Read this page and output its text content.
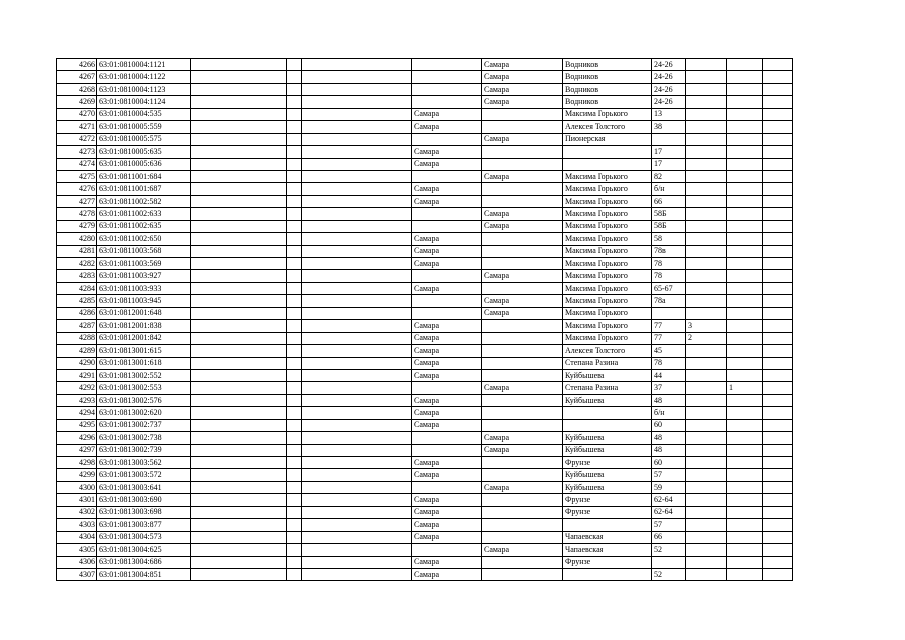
4266	63:01:0810004:1121					Самара	Водников	24-26			
4267	63:01:0810004:1122					Самара	Водников	24-26			
4268	63:01:0810004:1123					Самара	Водников	24-26			
4269	63:01:0810004:1124					Самара	Водников	24-26			
4270	63:01:0810004:535				Самара		Максима Горького	13			
4271	63:01:0810005:559				Самара		Алексея Толстого	38			
4272	63:01:0810005:575					Самара	Пионерская				
4273	63:01:0810005:635				Самара			17			
4274	63:01:0810005:636				Самара			17			
4275	63:01:0811001:684					Самара	Максима Горького	82			
4276	63:01:0811001:687				Самара		Максима Горького	б/н			
4277	63:01:0811002:582				Самара		Максима Горького	66			
4278	63:01:0811002:633					Самара	Максима Горького	58Б			
4279	63:01:0811002:635					Самара	Максима Горького	58Б			
4280	63:01:0811002:650				Самара		Максима Горького	58			
4281	63:01:0811003:568				Самара		Максима Горького	78в			
4282	63:01:0811003:569				Самара		Максима Горького	78			
4283	63:01:0811003:927					Самара	Максима Горького	78			
4284	63:01:0811003:933				Самара		Максима Горького	65-67			
4285	63:01:0811003:945					Самара	Максима Горького	78а			
4286	63:01:0812001:648					Самара	Максима Горького				
4287	63:01:0812001:838				Самара		Максима Горького	77	3		
4288	63:01:0812001:842				Самара		Максима Горького	77	2		
4289	63:01:0813001:615				Самара		Алексея Толстого	45			
4290	63:01:0813001:618				Самара		Степана Разина	78			
4291	63:01:0813002:552				Самара		Куйбышева	44			
4292	63:01:0813002:553					Самара	Степана Разина	37		1	
4293	63:01:0813002:576				Самара		Куйбышева	48			
4294	63:01:0813002:620				Самара			б/н			
4295	63:01:0813002:737				Самара			60			
4296	63:01:0813002:738					Самара	Куйбышева	48			
4297	63:01:0813002:739					Самара	Куйбышева	48			
4298	63:01:0813003:562				Самара		Фрунзе	60			
4299	63:01:0813003:572				Самара		Куйбышева	57			
4300	63:01:0813003:641					Самара	Куйбышева	59			
4301	63:01:0813003:690				Самара		Фрунзе	62-64			
4302	63:01:0813003:698				Самара		Фрунзе	62-64			
4303	63:01:0813003:877				Самара			57			
4304	63:01:0813004:573				Самара		Чапаевская	66			
4305	63:01:0813004:625					Самара	Чапаевская	52			
4306	63:01:0813004:686				Самара		Фрунзе				
4307	63:01:0813004:851				Самара			52			
